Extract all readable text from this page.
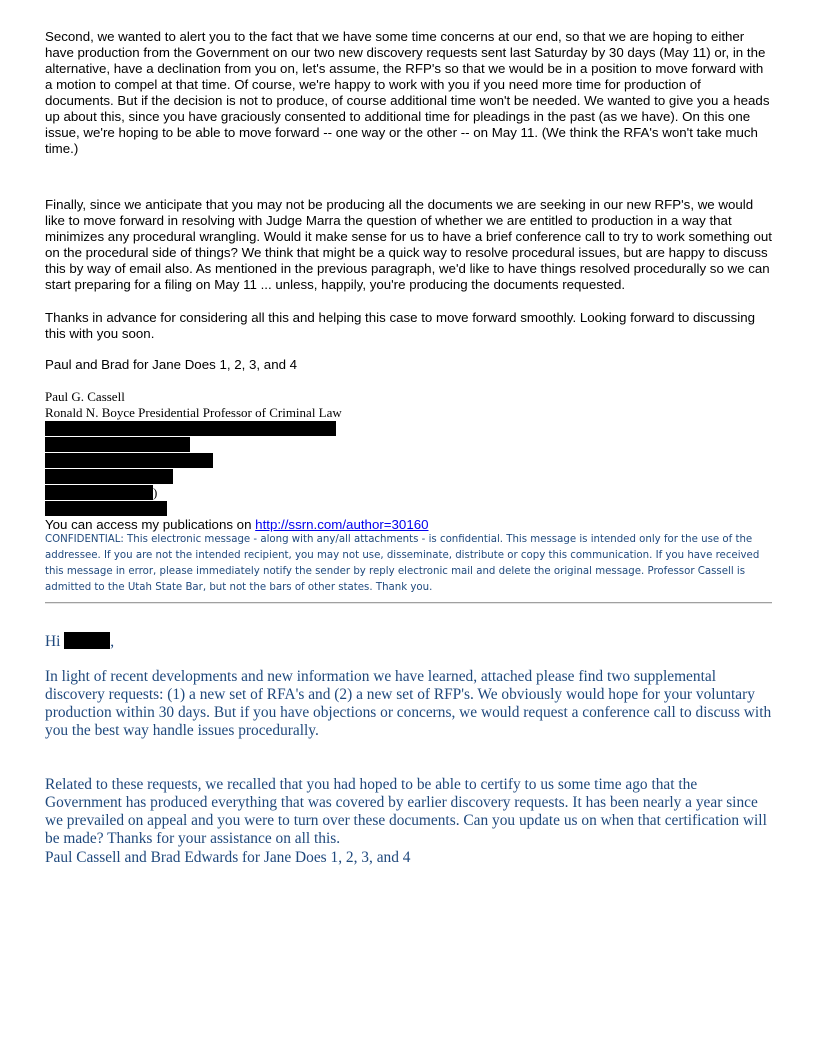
Second, we wanted to alert you to the fact that we have some time concerns at our end, so that we are hoping to either have production from the Government on our two new discovery requests sent last Saturday by 30 days (May 11) or, in the alternative, have a declination from you on, let's assume, the RFP's so that we would be in a position to move forward with a motion to compel at that time. Of course, we're happy to work with you if you need more time for production of documents. But if the decision is not to produce, of course additional time won't be needed. We wanted to give you a heads up about this, since you have graciously consented to additional time for pleadings in the past (as we have). On this one issue, we're hoping to be able to move forward -- one way or the other -- on May 11. (We think the RFA's won't take much time.)

Finally, since we anticipate that you may not be producing all the documents we are seeking in our new RFP's, we would like to move forward in resolving with Judge Marra the question of whether we are entitled to production in a way that minimizes any procedural wrangling. Would it make sense for us to have a brief conference call to try to work something out on the procedural side of things? We think that might be a quick way to resolve procedural issues, but are happy to discuss this by way of email also. As mentioned in the previous paragraph, we'd like to have things resolved procedurally so we can start preparing for a filing on May 11 ... unless, happily, you're producing the documents requested.

Thanks in advance for considering all this and helping this case to move forward smoothly. Looking forward to discussing this with you soon.

Paul and Brad for Jane Does 1, 2, 3, and 4

Paul G. Cassell

Ronald N. Boyce Presidential Professor of Criminal Law

)

You can access my publications on http://ssrn.com/author=30160

CONFIDENTIAL: This electronic message - along with any/all attachments - is confidential. This message is intended only for the use of the addressee. If you are not the intended recipient, you may not use, disseminate, distribute or copy this communication. If you have received this message in error, please immediately notify the sender by reply electronic mail and delete the original message. Professor Cassell is admitted to the Utah State Bar, but not the bars of other states. Thank you.

Hi	,

In light of recent developments and new information we have learned, attached please find two supplemental discovery requests: (1) a new set of RFA's and (2) a new set of RFP's. We obviously would hope for your voluntary production within 30 days. But if you have objections or concerns, we would request a conference call to discuss with you the best way handle issues procedurally.

Related to these requests, we recalled that you had hoped to be able to certify to us some time ago that the Government has produced everything that was covered by earlier discovery requests. It has been nearly a year since we prevailed on appeal and you were to turn over these documents. Can you update us on when that certification will be made? Thanks for your assistance on all this.

Paul Cassell and Brad Edwards for Jane Does 1, 2, 3, and 4
